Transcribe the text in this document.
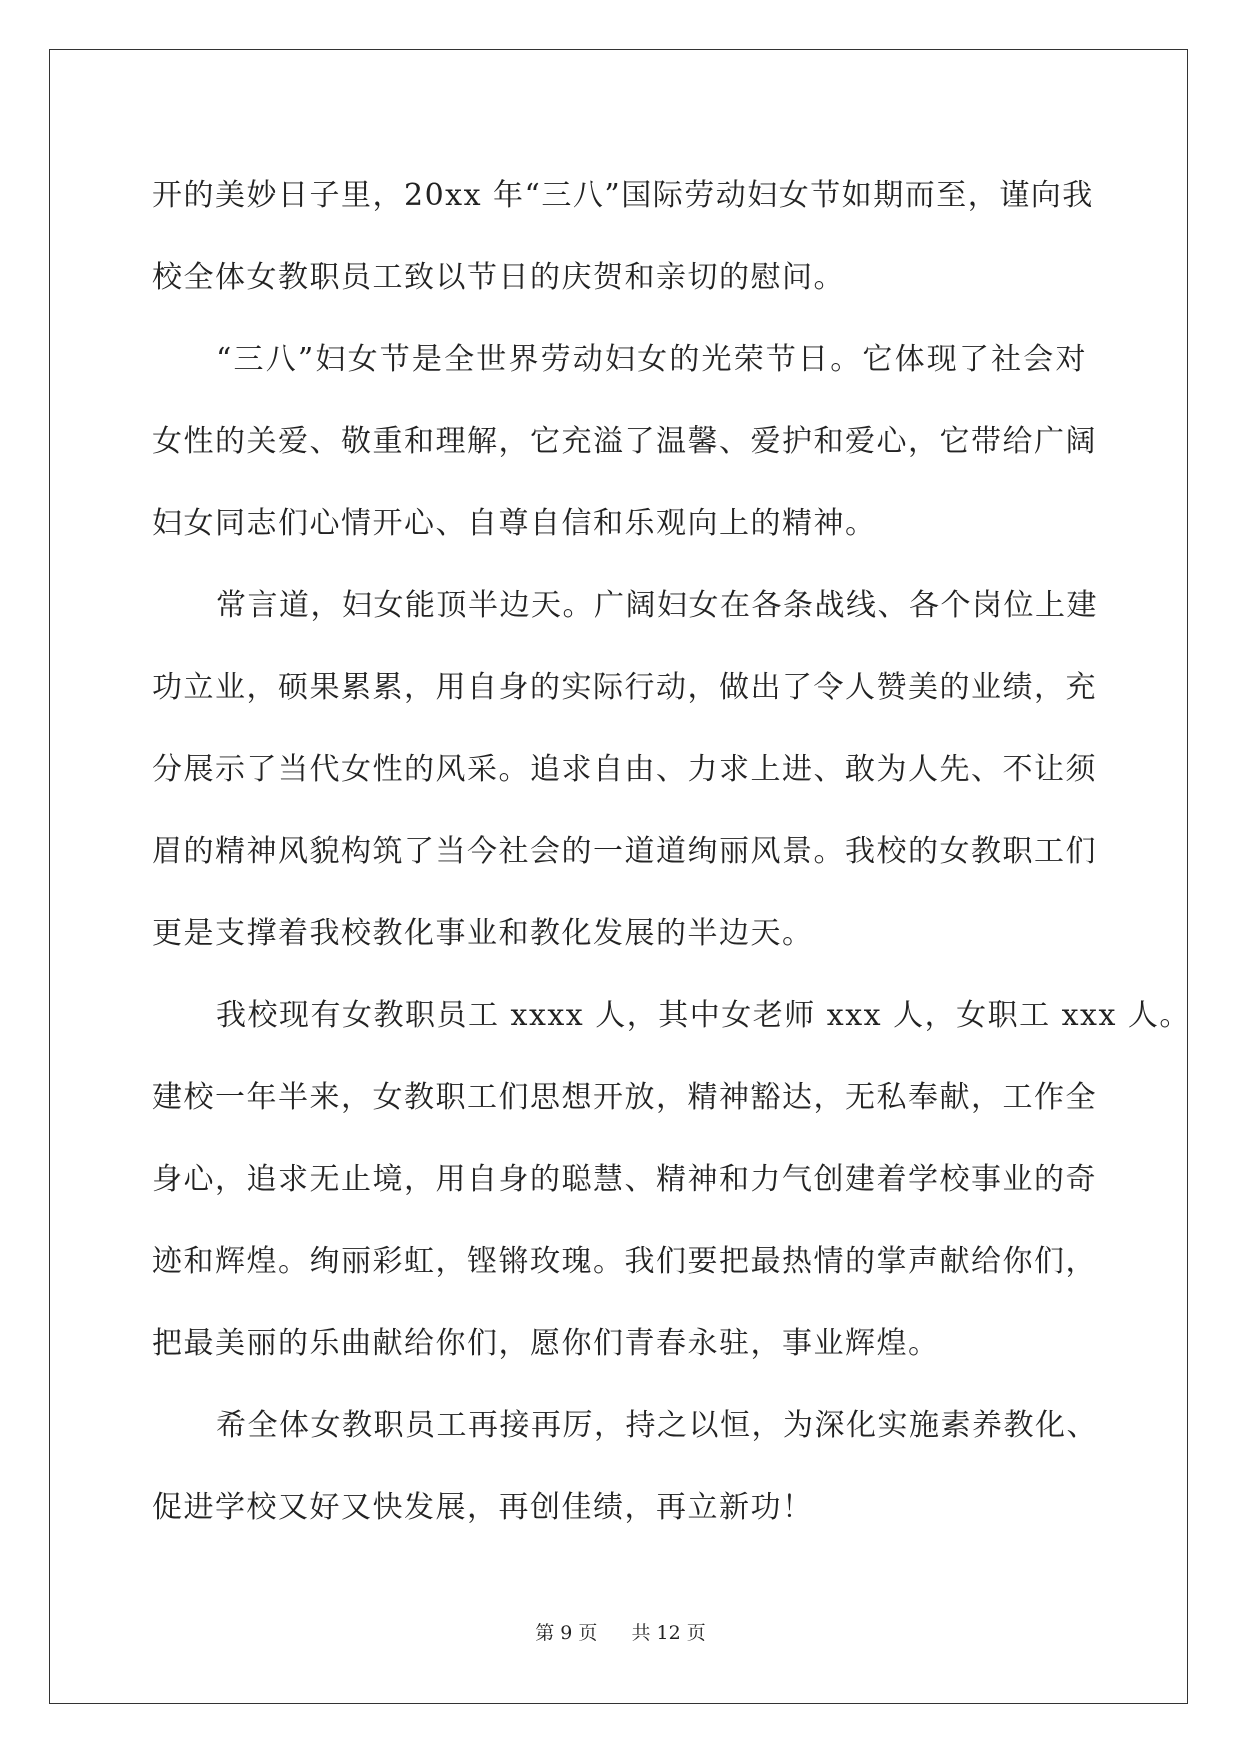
开的美妙日子里，20xx 年“三八”国际劳动妇女节如期而至，谨向我
校全体女教职员工致以节日的庆贺和亲切的慰问。
“三八”妇女节是全世界劳动妇女的光荣节日。它体现了社会对
女性的关爱、敬重和理解，它充溢了温馨、爱护和爱心，它带给广阔
妇女同志们心情开心、自尊自信和乐观向上的精神。
常言道，妇女能顶半边天。广阔妇女在各条战线、各个岗位上建
功立业，硕果累累，用自身的实际行动，做出了令人赞美的业绩，充
分展示了当代女性的风采。追求自由、力求上进、敢为人先、不让须
眉的精神风貌构筑了当今社会的一道道绚丽风景。我校的女教职工们
更是支撑着我校教化事业和教化发展的半边天。
我校现有女教职员工 xxxx 人，其中女老师 xxx 人，女职工 xxx 人。
建校一年半来，女教职工们思想开放，精神豁达，无私奉献，工作全
身心，追求无止境，用自身的聪慧、精神和力气创建着学校事业的奇
迹和辉煌。绚丽彩虹，铿锵玫瑰。我们要把最热情的掌声献给你们，
把最美丽的乐曲献给你们，愿你们青春永驻，事业辉煌。
希全体女教职员工再接再厉，持之以恒，为深化实施素养教化、
促进学校又好又快发展，再创佳绩，再立新功！
第 9 页 共 12 页
